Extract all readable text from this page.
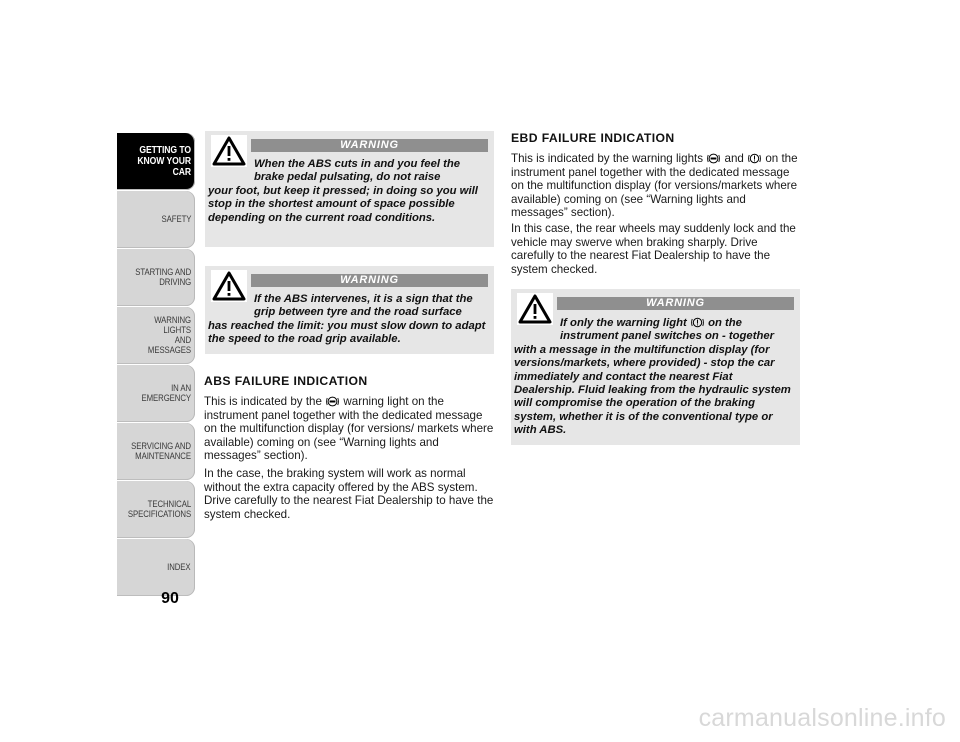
GETTING TO
KNOW YOUR CAR
SAFETY
STARTING AND
DRIVING
WARNING LIGHTS
AND MESSAGES
IN AN EMERGENCY
SERVICING AND
MAINTENANCE
TECHNICAL
SPECIFICATIONS
INDEX
90
WARNING
When the ABS cuts in and you feel the
brake pedal pulsating, do not raise
your foot, but keep it pressed; in doing so you will stop in the shortest amount of space possible depending on the current road conditions.
WARNING
If the ABS intervenes, it is a sign that the
grip between tyre and the road surface
has reached the limit: you must slow down to adapt the speed to the road grip available.
ABS FAILURE INDICATION
This is indicated by the warning light on the instrument panel together with the dedicated message on the multifunction display (for versions/ markets where available) coming on (see “Warning lights and messages” section).
In the case, the braking system will work as normal without the extra capacity offered by the ABS system. Drive carefully to the nearest Fiat Dealership to have the system checked.
EBD FAILURE INDICATION
This is indicated by the warning lights and on the instrument panel together with the dedicated message on the multifunction display (for versions/markets where available) coming on (see “Warning lights and messages” section).
In this case, the rear wheels may suddenly lock and the vehicle may swerve when braking sharply. Drive carefully to the nearest Fiat Dealership to have the system checked.
WARNING
If only the warning light on the
instrument panel switches on - together
with a message in the multifunction display (for versions/markets, where provided) - stop the car immediately and contact the nearest Fiat Dealership. Fluid leaking from the hydraulic system will compromise the operation of the braking system, whether it is of the conventional type or with ABS.
carmanualsonline.info
